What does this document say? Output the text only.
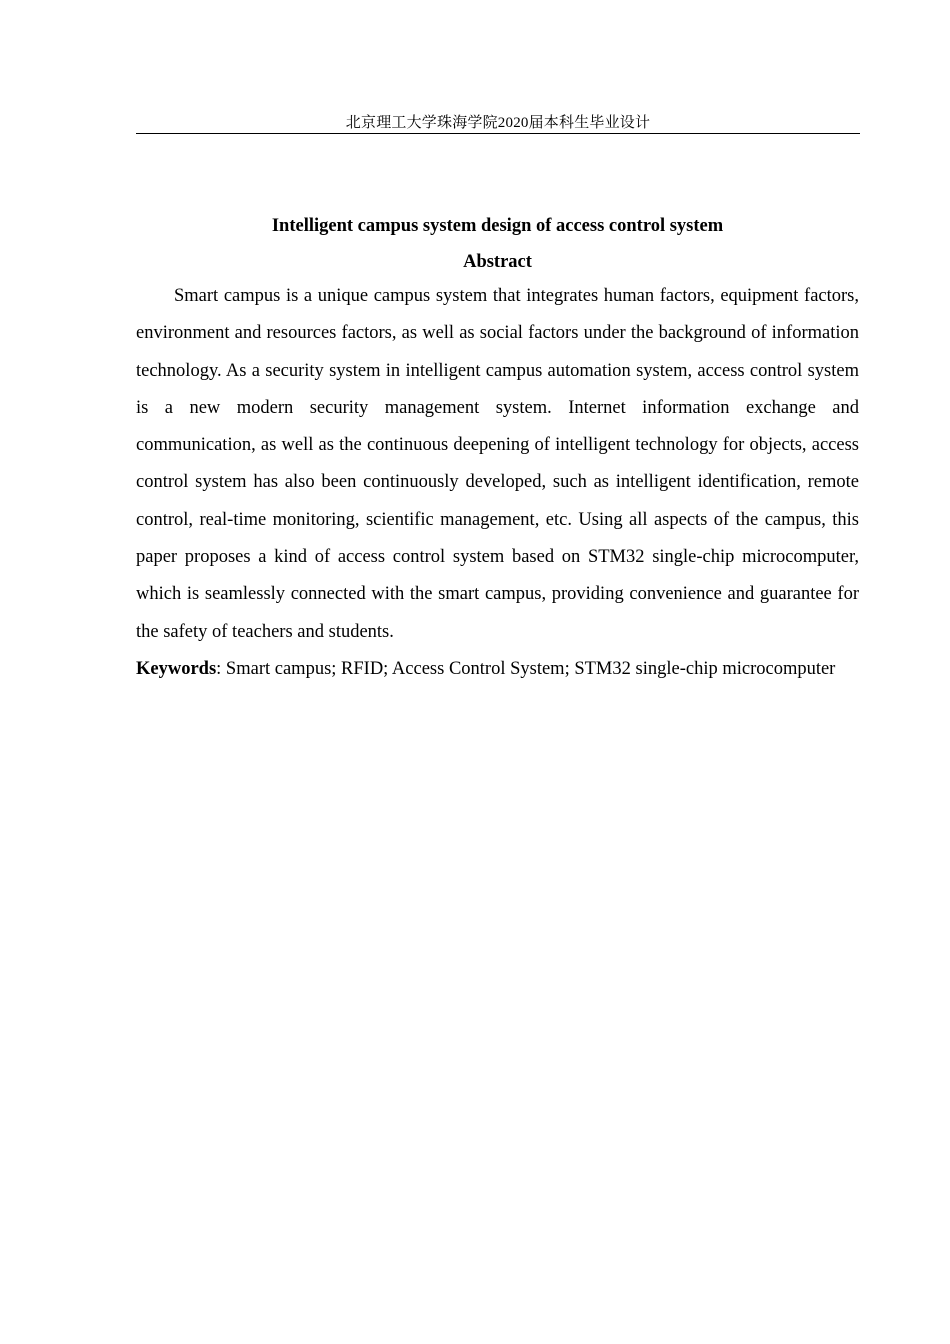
北京理工大学珠海学院2020届本科生毕业设计

Intelligent campus system design of access control system

Abstract

Smart campus is a unique campus system that integrates human factors, equipment factors, environment and resources factors, as well as social factors under the background of information technology. As a security system in intelligent campus automation system, access control system is a new modern security management system. Internet information exchange and communication, as well as the continuous deepening of intelligent technology for objects, access control system has also been continuously developed, such as intelligent identification, remote control, real-time monitoring, scientific management, etc. Using all aspects of the campus, this paper proposes a kind of access control system based on STM32 single-chip microcomputer, which is seamlessly connected with the smart campus, providing convenience and guarantee for the safety of teachers and students.

Keywords: Smart campus; RFID; Access Control System; STM32 single-chip microcomputer
